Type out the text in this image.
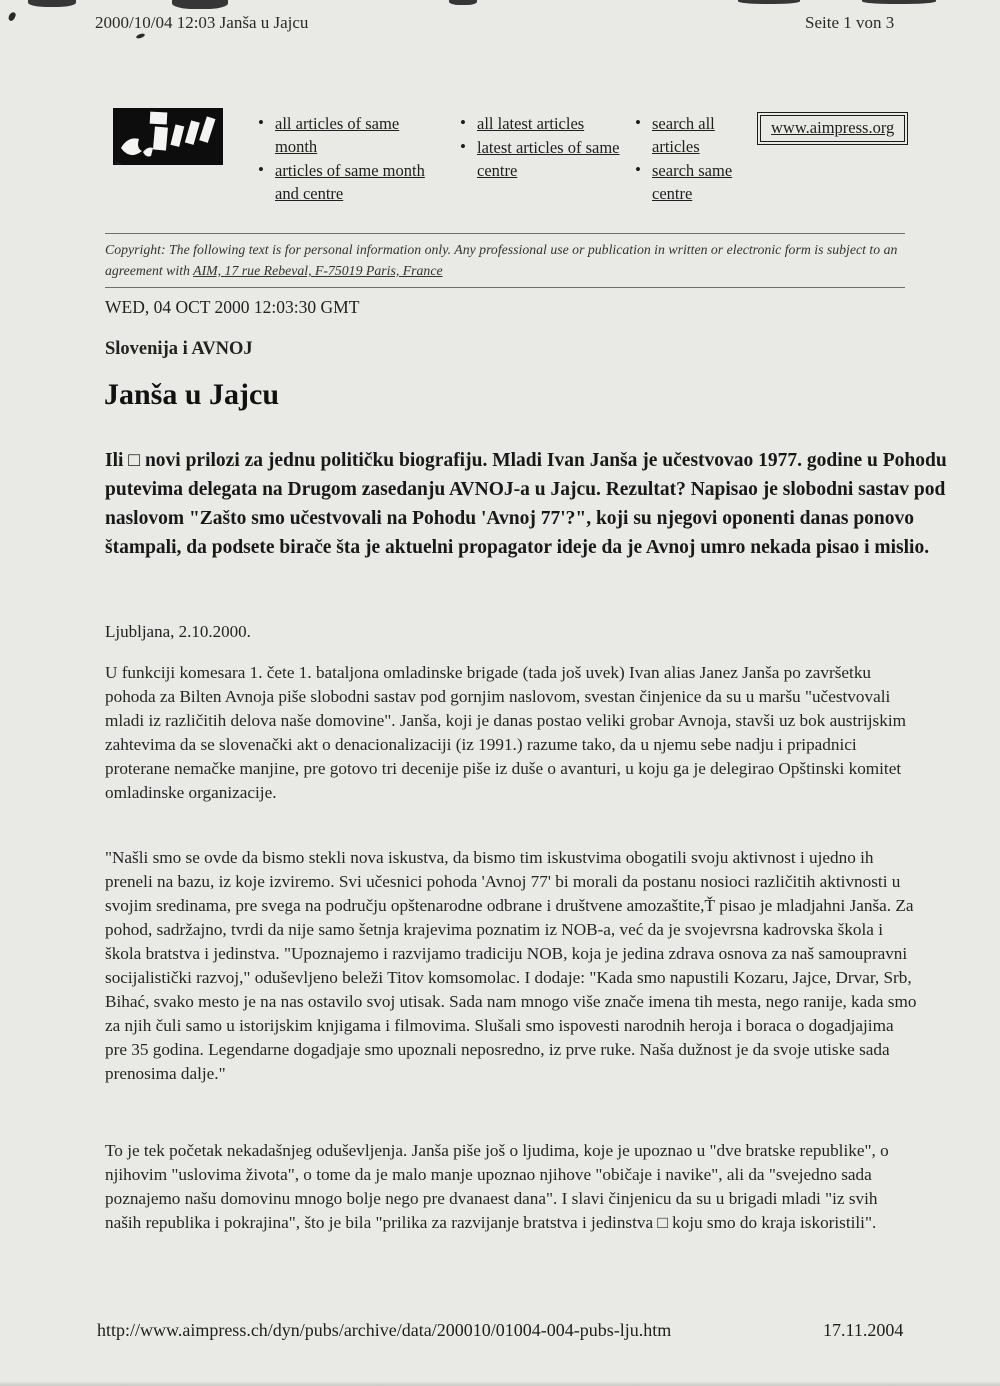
2000/10/04 12:03 Janša u Jajcu	Seite 1 von 3
• all articles of same month
• articles of same month and centre
• all latest articles
• latest articles of same centre
• search all articles
• search same centre
www.aimpress.org
Copyright: The following text is for personal information only. Any professional use or publication in written or electronic form is subject to an agreement with AIM, 17 rue Rebeval, F-75019 Paris, France
WED, 04 OCT 2000 12:03:30 GMT
Slovenija i AVNOJ
Janša u Jajcu
Ili □ novi prilozi za jednu političku biografiju. Mladi Ivan Janša je učestvovao 1977. godine u Pohodu putevima delegata na Drugom zasedanju AVNOJ-a u Jajcu. Rezultat? Napisao je slobodni sastav pod naslovom "Zašto smo učestvovali na Pohodu 'Avnoj 77'?", koji su njegovi oponenti danas ponovo štampali, da podsete birače šta je aktuelni propagator ideje da je Avnoj umro nekada pisao i mislio.
Ljubljana, 2.10.2000.
U funkciji komesara 1. čete 1. bataljona omladinske brigade (tada još uvek) Ivan alias Janez Janša po završetku pohoda za Bilten Avnoja piše slobodni sastav pod gornjim naslovom, svestan činjenice da su u maršu "učestvovali mladi iz različitih delova naše domovine". Janša, koji je danas postao veliki grobar Avnoja, stavši uz bok austrijskim zahtevima da se slovenački akt o denacionalizaciji (iz 1991.) razume tako, da u njemu sebe nadju i pripadnici proterane nemačke manjine, pre gotovo tri decenije piše iz duše o avanturi, u koju ga je delegirao Opštinski komitet omladinske organizacije.
"Našli smo se ovde da bismo stekli nova iskustva, da bismo tim iskustvima obogatili svoju aktivnost i ujedno ih preneli na bazu, iz koje izviremo. Svi učesnici pohoda 'Avnoj 77' bi morali da postanu nosioci različitih aktivnosti u svojim sredinama, pre svega na području opštenarodne odbrane i društvene amozaštite,Ť pisao je mladjahni Janša. Za pohod, sadržajno, tvrdi da nije samo šetnja krajevima poznatim iz NOB-a, već da je svojevrsna kadrovska škola i škola bratstva i jedinstva. "Upoznajemo i razvijamo tradiciju NOB, koja je jedina zdrava osnova za naš samoupravni socijalistički razvoj," oduševljeno beleži Titov komsomolac. I dodaje: "Kada smo napustili Kozaru, Jajce, Drvar, Srb, Bihać, svako mesto je na nas ostavilo svoj utisak. Sada nam mnogo više znače imena tih mesta, nego ranije, kada smo za njih čuli samo u istorijskim knjigama i filmovima. Slušali smo ispovesti narodnih heroja i boraca o dogadjajima pre 35 godina. Legendarne dogadjaje smo upoznali neposredno, iz prve ruke. Naša dužnost je da svoje utiske sada prenosima dalje."
To je tek početak nekadašnjeg oduševljenja. Janša piše još o ljudima, koje je upoznao u "dve bratske republike", o njihovim "uslovima života", o tome da je malo manje upoznao njihove "običaje i navike", ali da "svejedno sada poznajemo našu domovinu mnogo bolje nego pre dvanaest dana". I slavi činjenicu da su u brigadi mladi "iz svih naših republika i pokrajina", što je bila "prilika za razvijanje bratstva i jedinstva □ koju smo do kraja iskoristili".
http://www.aimpress.ch/dyn/pubs/archive/data/200010/01004-004-pubs-lju.htm	17.11.2004
